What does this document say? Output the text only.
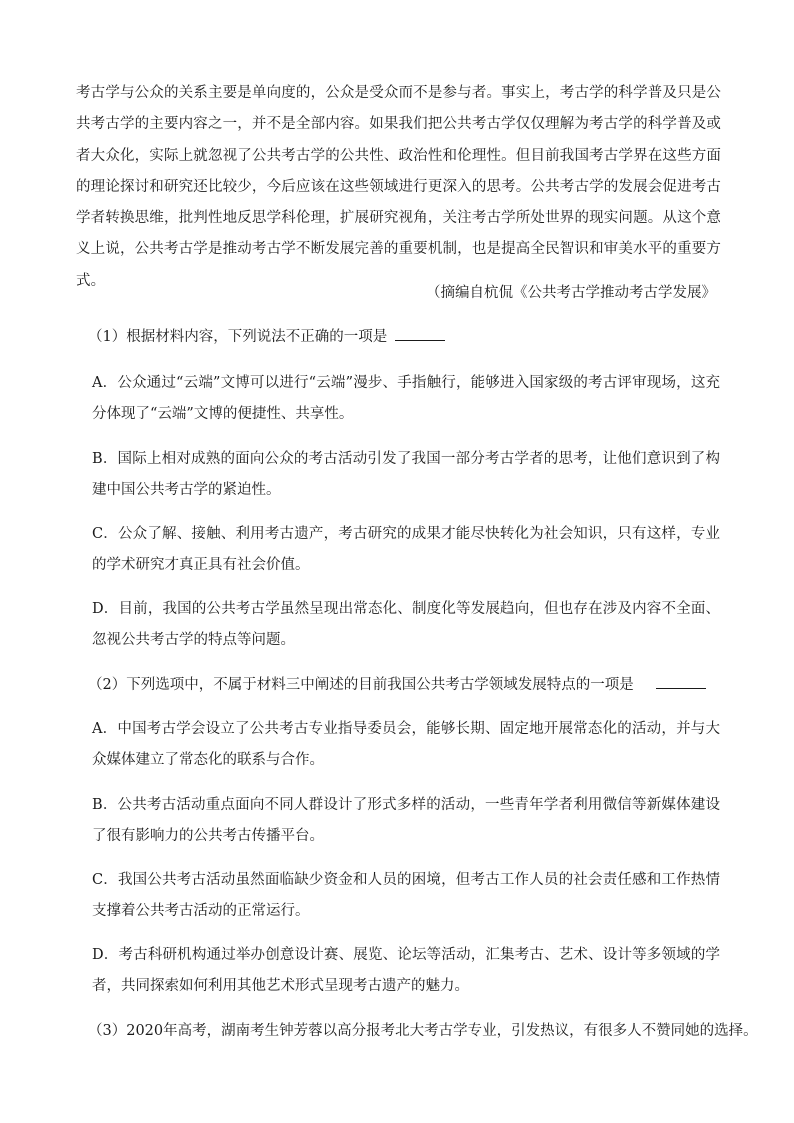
考古学与公众的关系主要是单向度的，公众是受众而不是参与者。事实上，考古学的科学普及只是公共考古学的主要内容之一，并不是全部内容。如果我们把公共考古学仅仅理解为考古学的科学普及或者大众化，实际上就忽视了公共考古学的公共性、政治性和伦理性。但目前我国考古学界在这些方面的理论探讨和研究还比较少，今后应该在这些领域进行更深入的思考。公共考古学的发展会促进考古学者转换思维，批判性地反思学科伦理，扩展研究视角，关注考古学所处世界的现实问题。从这个意义上说，公共考古学是推动考古学不断发展完善的重要机制，也是提高全民智识和审美水平的重要方式。
（摘编自杭侃《公共考古学推动考古学发展》
（1）根据材料内容，下列说法不正确的一项是
A．公众通过“云端”文博可以进行“云端”漫步、手指触行，能够进入国家级的考古评审现场，这充分体现了“云端”文博的便捷性、共享性。
B．国际上相对成熟的面向公众的考古活动引发了我国一部分考古学者的思考，让他们意识到了构建中国公共考古学的紧迫性。
C．公众了解、接触、利用考古遗产，考古研究的成果才能尽快转化为社会知识，只有这样，专业的学术研究才真正具有社会价值。
D．目前，我国的公共考古学虽然呈现出常态化、制度化等发展趋向，但也存在涉及内容不全面、忽视公共考古学的特点等问题。
（2）下列选项中，不属于材料三中阐述的目前我国公共考古学领域发展特点的一项是
A．中国考古学会设立了公共考古专业指导委员会，能够长期、固定地开展常态化的活动，并与大众媒体建立了常态化的联系与合作。
B．公共考古活动重点面向不同人群设计了形式多样的活动，一些青年学者利用微信等新媒体建设了很有影响力的公共考古传播平台。
C．我国公共考古活动虽然面临缺少资金和人员的困境，但考古工作人员的社会责任感和工作热情支撑着公共考古活动的正常运行。
D．考古科研机构通过举办创意设计赛、展览、论坛等活动，汇集考古、艺术、设计等多领域的学者，共同探索如何利用其他艺术形式呈现考古遗产的魅力。
（3）2020年高考，湖南考生钟芳蓉以高分报考北大考古学专业，引发热议，有很多人不赞同她的选择。
